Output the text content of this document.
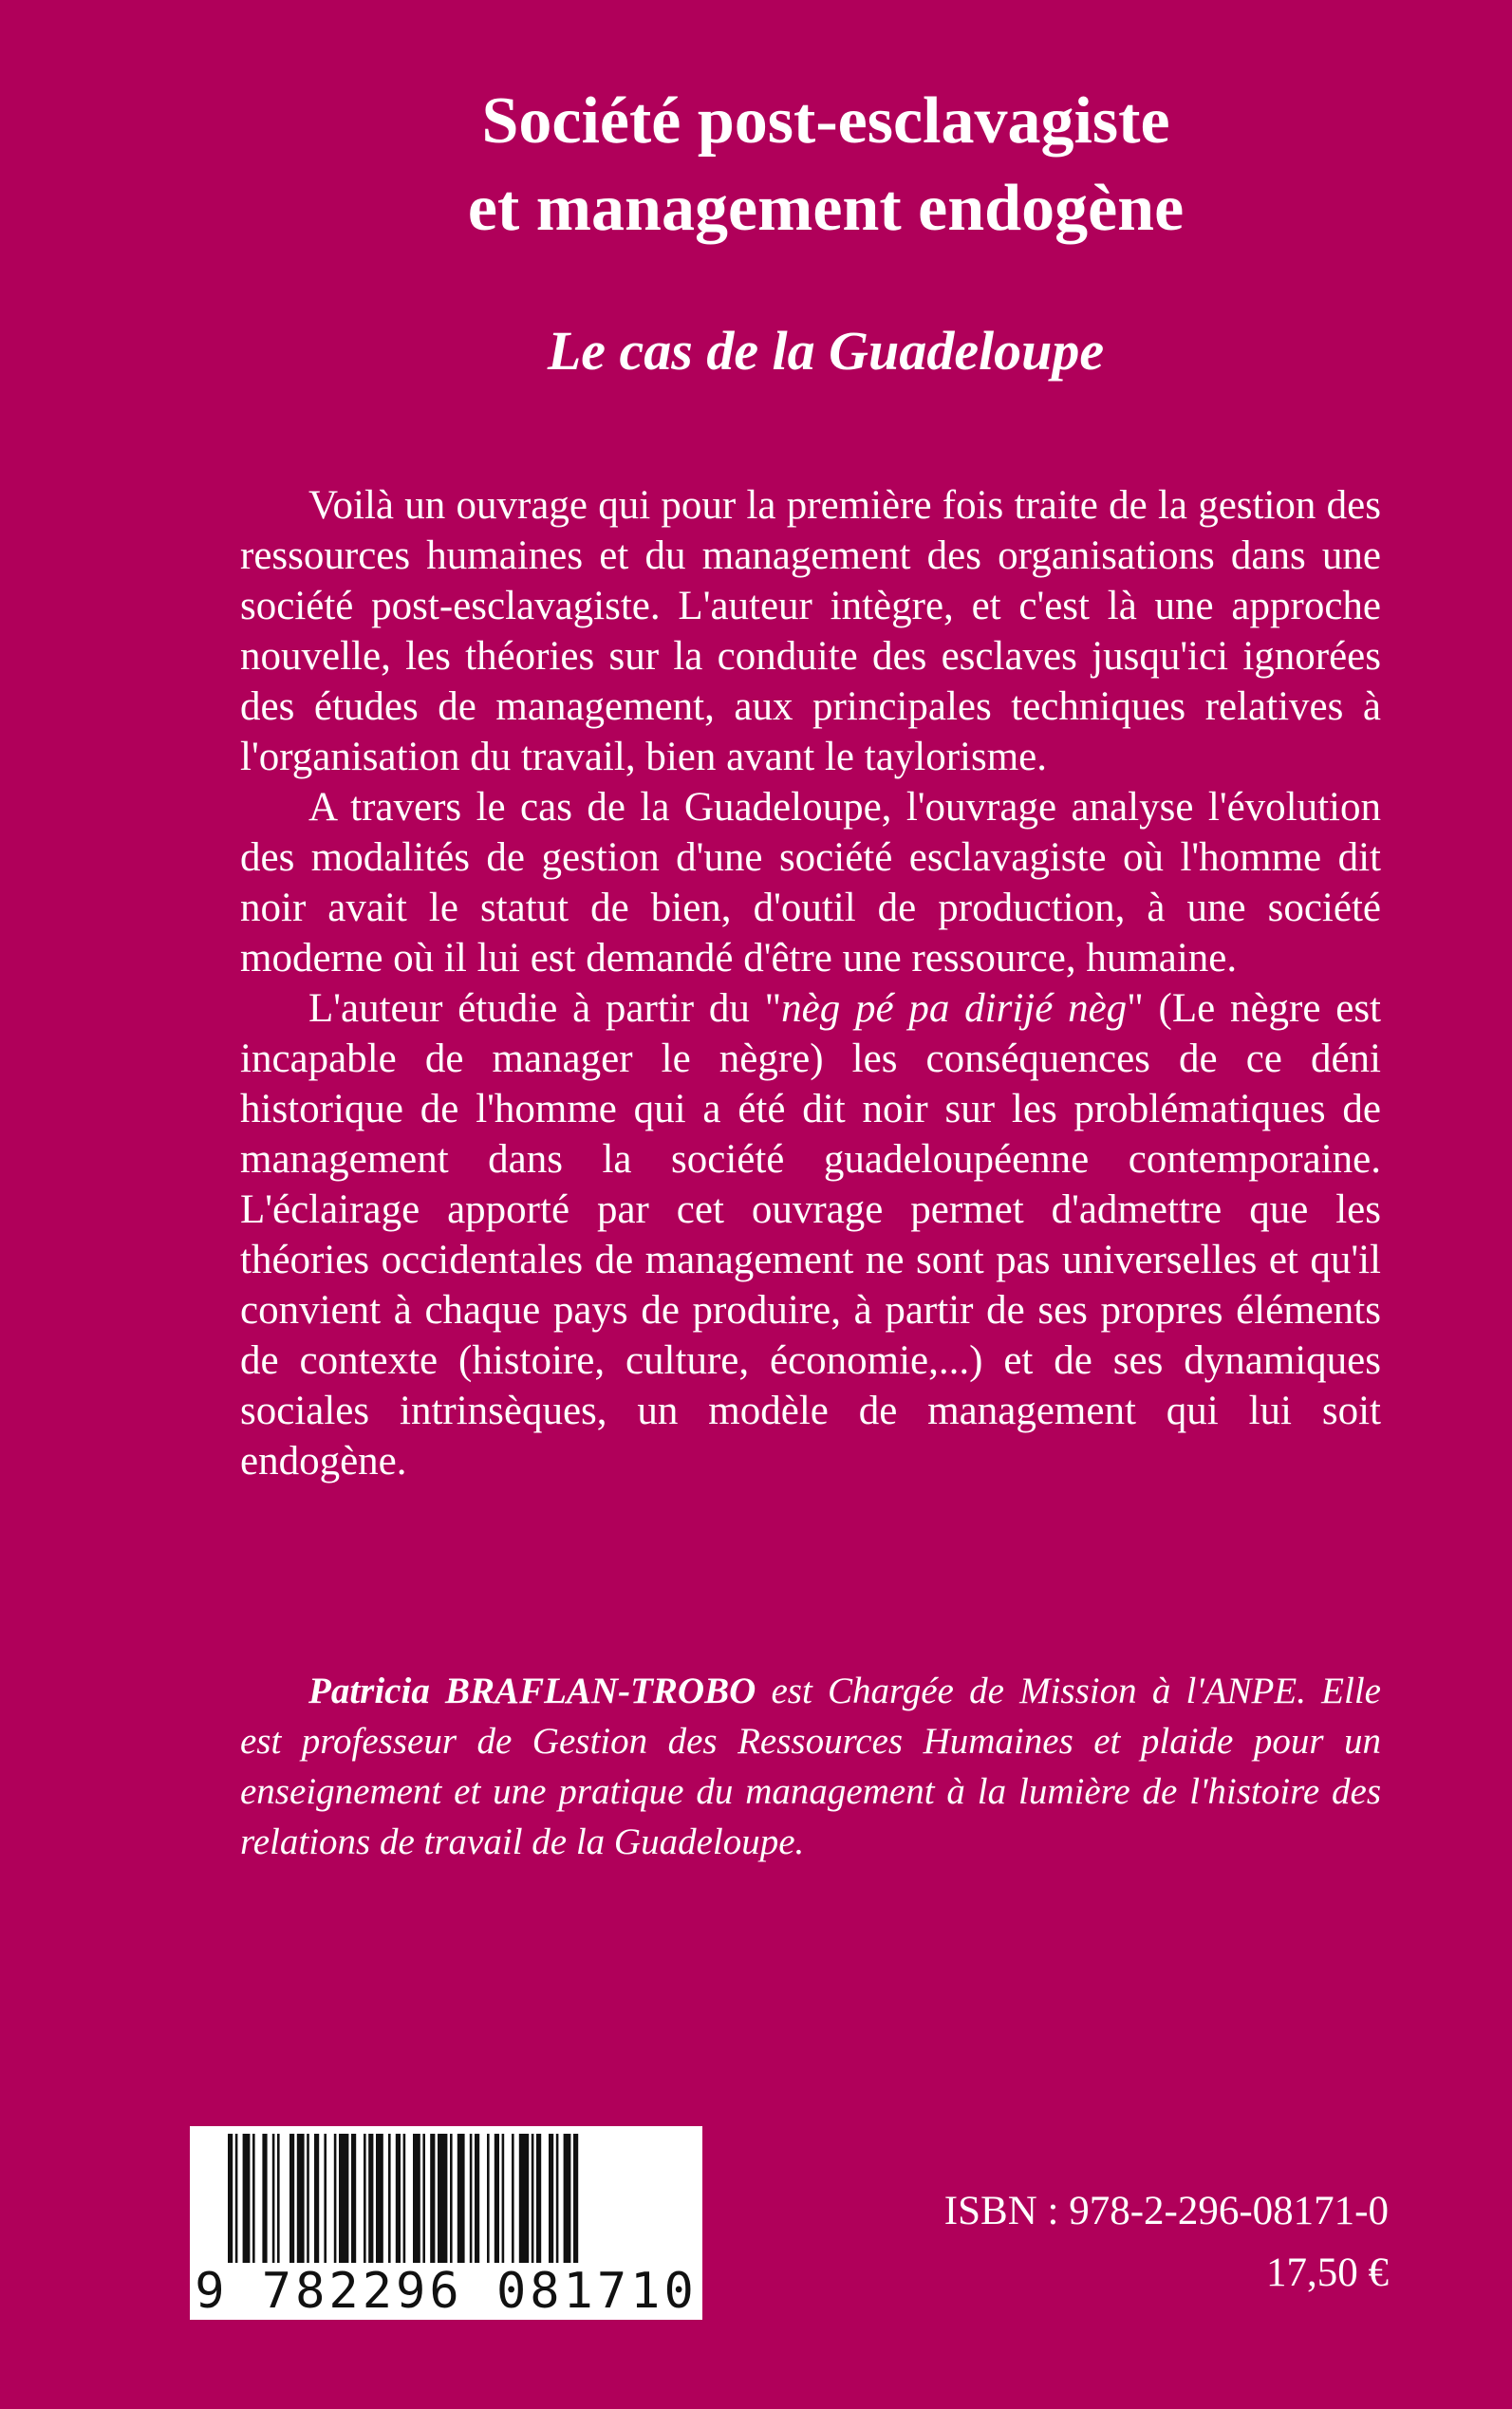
Société post-esclavagiste
et management endogène
Le cas de la Guadeloupe

Voilà un ouvrage qui pour la première fois traite de la gestion des ressources humaines et du management des organisations dans une société post-esclavagiste. L'auteur intègre, et c'est là une approche nouvelle, les théories sur la conduite des esclaves jusqu'ici ignorées des études de management, aux principales techniques relatives à l'organisation du travail, bien avant le taylorisme.

A travers le cas de la Guadeloupe, l'ouvrage analyse l'évolution des modalités de gestion d'une société esclavagiste où l'homme dit noir avait le statut de bien, d'outil de production, à une société moderne où il lui est demandé d'être une ressource, humaine.

L'auteur étudie à partir du "nèg pé pa dirijé nèg" (Le nègre est incapable de manager le nègre) les conséquences de ce déni historique de l'homme qui a été dit noir sur les problématiques de management dans la société guadeloupéenne contemporaine. L'éclairage apporté par cet ouvrage permet d'admettre que les théories occidentales de management ne sont pas universelles et qu'il convient à chaque pays de produire, à partir de ses propres éléments de contexte (histoire, culture, économie,...) et de ses dynamiques sociales intrinsèques, un modèle de management qui lui soit endogène.

Patricia BRAFLAN-TROBO est Chargée de Mission à l'ANPE. Elle est professeur de Gestion des Ressources Humaines et plaide pour un enseignement et une pratique du management à la lumière de l'histoire des relations de travail de la Guadeloupe.

9 782296 081710
ISBN : 978-2-296-08171-0
17,50 €
